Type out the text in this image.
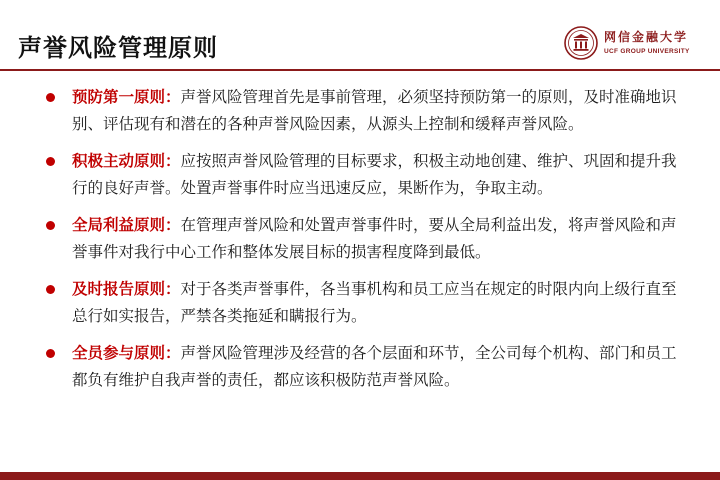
声誉风险管理原则	网信金融大学
UCF GROUP UNIVERSITY
预防第一原则：声誉风险管理首先是事前管理，必须坚持预防第一的原则，及时准确地识别、评估现有和潜在的各种声誉风险因素，从源头上控制和缓释声誉风险。
积极主动原则：应按照声誉风险管理的目标要求，积极主动地创建、维护、巩固和提升我行的良好声誉。处置声誉事件时应当迅速反应，果断作为，争取主动。
全局利益原则：在管理声誉风险和处置声誉事件时，要从全局利益出发，将声誉风险和声誉事件对我行中心工作和整体发展目标的损害程度降到最低。
及时报告原则：对于各类声誉事件，各当事机构和员工应当在规定的时限内向上级行直至总行如实报告，严禁各类拖延和瞒报行为。
全员参与原则：声誉风险管理涉及经营的各个层面和环节，全公司每个机构、部门和员工都负有维护自我声誉的责任，都应该积极防范声誉风险。
